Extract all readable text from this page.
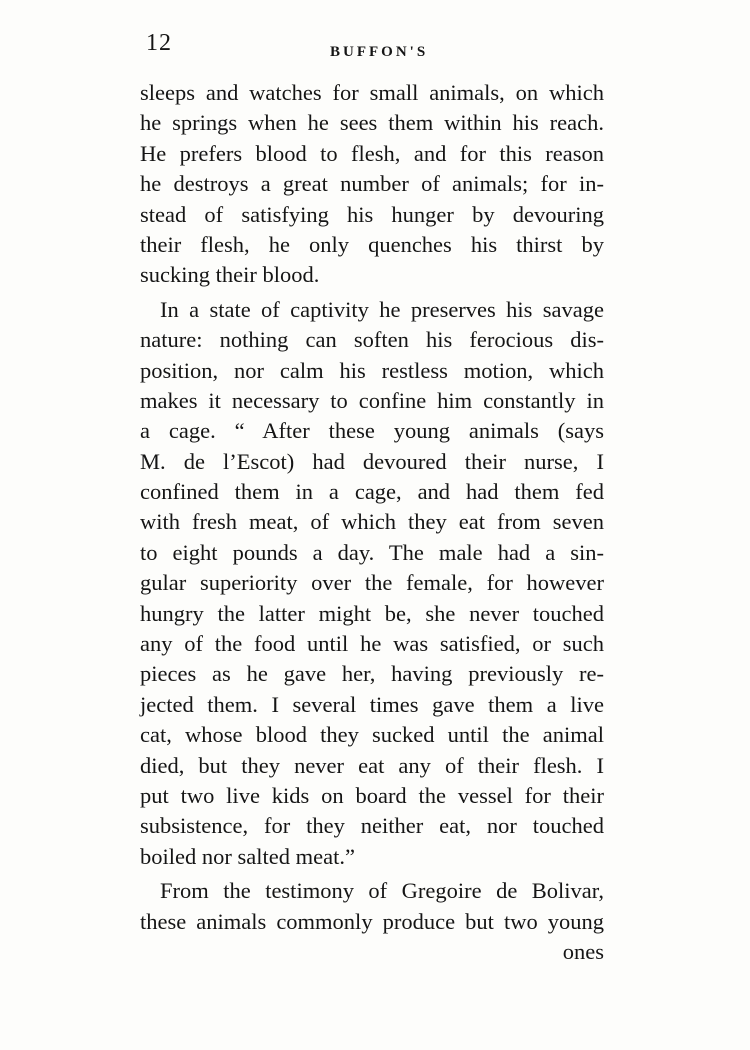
12	BUFFON'S
sleeps and watches for small animals, on which
he springs when he sees them within his reach.
He prefers blood to flesh, and for this reason
he destroys a great number of animals; for in-
stead of satisfying his hunger by devouring
their flesh, he only quenches his thirst by
sucking their blood.
In a state of captivity he preserves his savage
nature: nothing can soften his ferocious dis-
position, nor calm his restless motion, which
makes it necessary to confine him constantly in
a cage. “ After these young animals (says
M. de l’Escot) had devoured their nurse, I
confined them in a cage, and had them fed
with fresh meat, of which they eat from seven
to eight pounds a day. The male had a sin-
gular superiority over the female, for however
hungry the latter might be, she never touched
any of the food until he was satisfied, or such
pieces as he gave her, having previously re-
jected them. I several times gave them a live
cat, whose blood they sucked until the animal
died, but they never eat any of their flesh. I
put two live kids on board the vessel for their
subsistence, for they neither eat, nor touched
boiled nor salted meat.”
From the testimony of Gregoire de Bolivar,
these animals commonly produce but two young
ones
